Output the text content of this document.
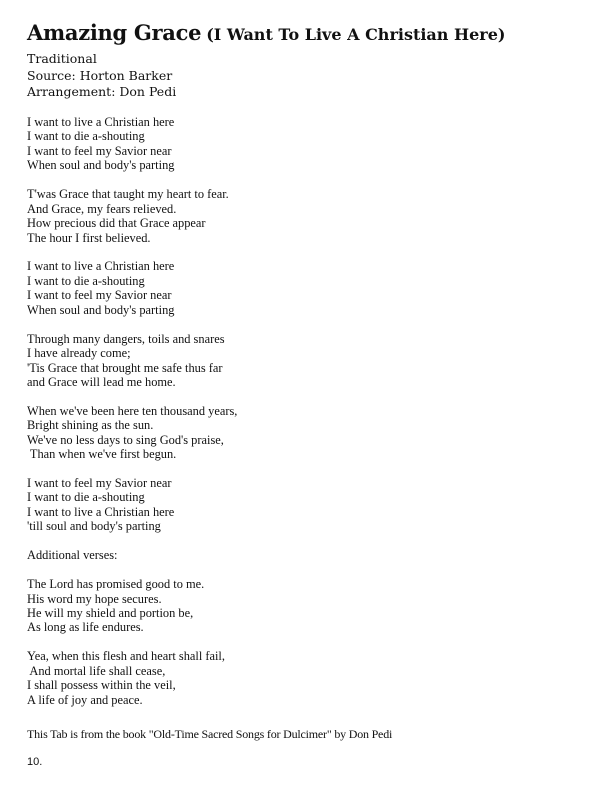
Amazing Grace (I Want To Live A Christian Here)
Traditional
Source: Horton Barker
Arrangement: Don Pedi
I want to live a Christian here
I want to die a-shouting
I want to feel my Savior near
When soul and body's parting
T'was Grace that taught my heart to fear.
And Grace, my fears relieved.
How precious did that Grace appear
The hour I first believed.
I want to live a Christian here
I want to die a-shouting
I want to feel my Savior near
When soul and body's parting
Through many dangers, toils and snares
I have already come;
'Tis Grace that brought me safe thus far
and Grace will lead me home.
When we've been here ten thousand years,
Bright shining as the sun.
We've no less days to sing God's praise,
Than when we've first begun.
I want to feel my Savior near
I want to die a-shouting
I want to live a Christian here
'till soul and body's parting
Additional verses:
The Lord has promised good to me.
His word my hope secures.
He will my shield and portion be,
As long as life endures.
Yea, when this flesh and heart shall fail,
And mortal life shall cease,
I shall possess within the veil,
A life of joy and peace.
This Tab is from the book "Old-Time Sacred Songs for Dulcimer" by Don Pedi
10.
